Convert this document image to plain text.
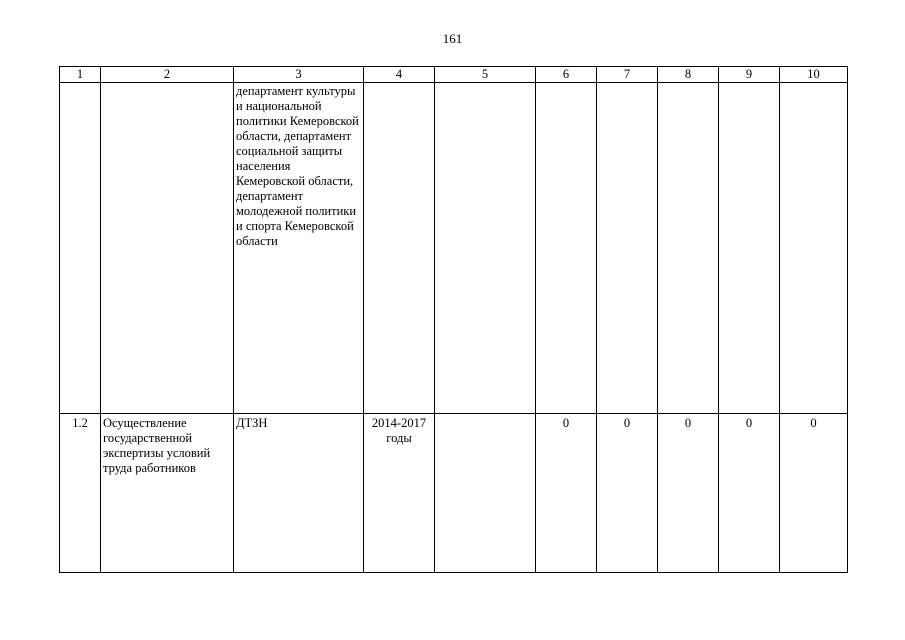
161
1	2	3	4	5	6	7	8	9	10
		департамент культуры и национальной политики Кемеровской области, департамент социальной защиты населения Кемеровской области, департамент молодежной политики и спорта Кемеровской области							
1.2	Осуществление государственной экспертизы условий труда работников	ДТЗН	2014-2017 годы		0	0	0	0	0
